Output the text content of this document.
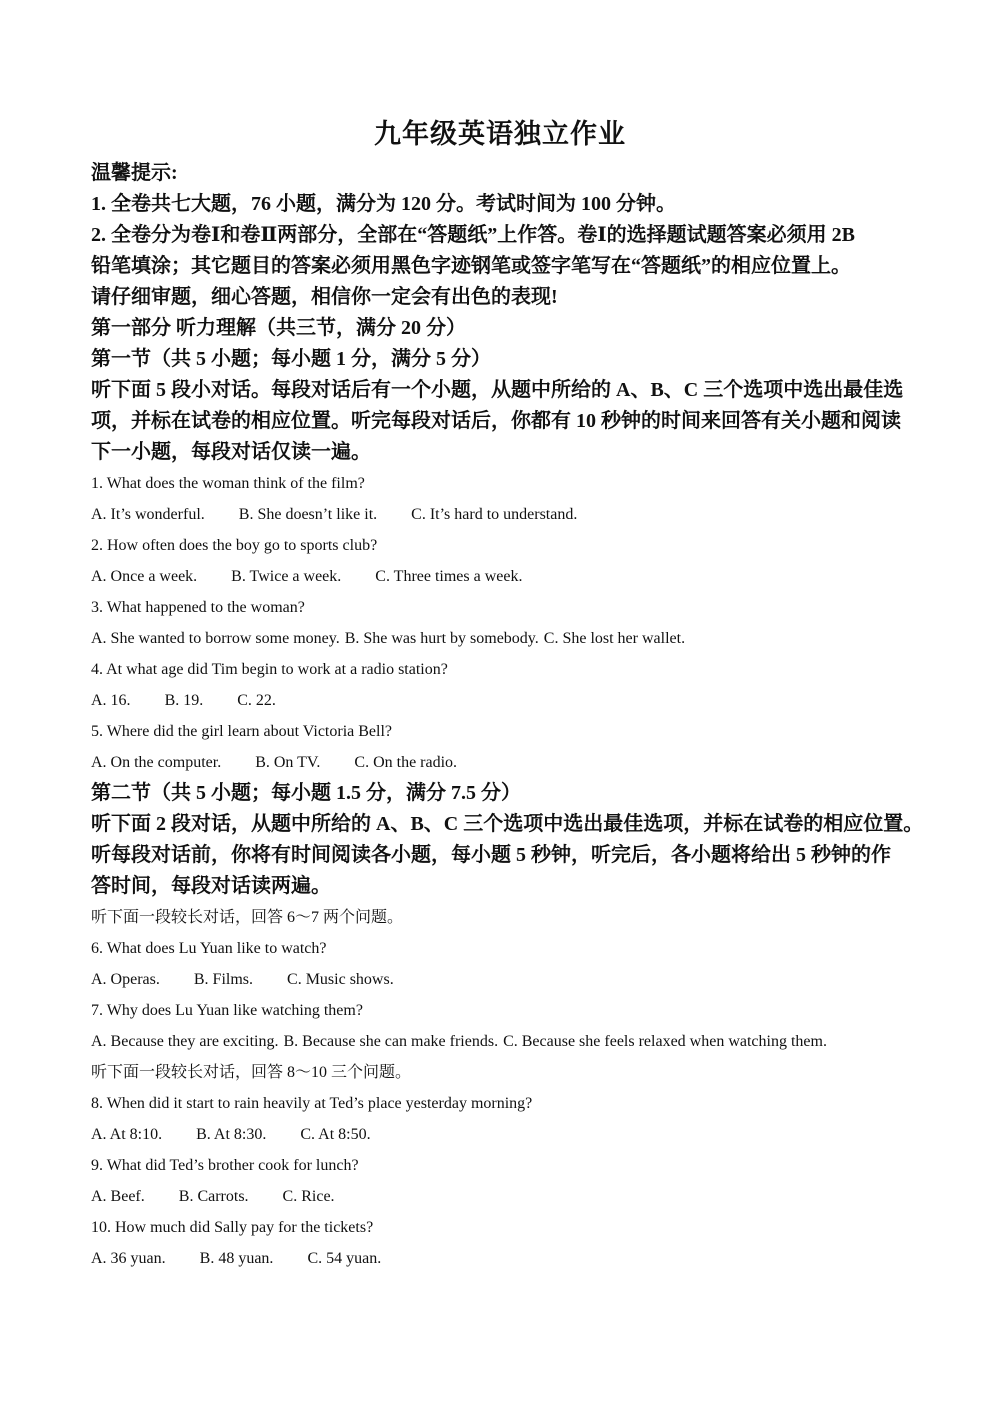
九年级英语独立作业

温馨提示:

1. 全卷共七大题，76 小题，满分为 120 分。考试时间为 100 分钟。

2. 全卷分为卷Ⅰ和卷Ⅱ两部分，全部在“答题纸”上作答。卷Ⅰ的选择题试题答案必须用 2B

铅笔填涂；其它题目的答案必须用黑色字迹钢笔或签字笔写在“答题纸”的相应位置上。

请仔细审题，细心答题，相信你一定会有出色的表现!

第一部分 听力理解（共三节，满分 20 分）

第一节（共 5 小题；每小题 1 分，满分 5 分）

听下面 5 段小对话。每段对话后有一个小题，从题中所给的 A、B、C 三个选项中选出最佳选

项，并标在试卷的相应位置。听完每段对话后，你都有 10 秒钟的时间来回答有关小题和阅读

下一小题，每段对话仅读一遍。

1. What does the woman think of the film?

A. It’s wonderful. B. She doesn’t like it. C. It’s hard to understand.

2. How often does the boy go to sports club?

A. Once a week. B. Twice a week. C. Three times a week.

3. What happened to the woman?

A. She wanted to borrow some money. B. She was hurt by somebody. C. She lost her wallet.

4. At what age did Tim begin to work at a radio station?

A. 16. B. 19. C. 22.

5. Where did the girl learn about Victoria Bell?

A. On the computer. B. On TV. C. On the radio.

第二节（共 5 小题；每小题 1.5 分，满分 7.5 分）

听下面 2 段对话，从题中所给的 A、B、C 三个选项中选出最佳选项，并标在试卷的相应位置。

听每段对话前，你将有时间阅读各小题，每小题 5 秒钟，听完后，各小题将给出 5 秒钟的作

答时间，每段对话读两遍。

听下面一段较长对话，回答 6～7 两个问题。

6. What does Lu Yuan like to watch?

A. Operas. B. Films. C. Music shows.

7. Why does Lu Yuan like watching them?

A. Because they are exciting. B. Because she can make friends. C. Because she feels relaxed when watching them.

听下面一段较长对话，回答 8～10 三个问题。

8. When did it start to rain heavily at Ted’s place yesterday morning?

A. At 8:10. B. At 8:30. C. At 8:50.

9. What did Ted’s brother cook for lunch?

A. Beef. B. Carrots. C. Rice.

10. How much did Sally pay for the tickets?

A. 36 yuan. B. 48 yuan. C. 54 yuan.
